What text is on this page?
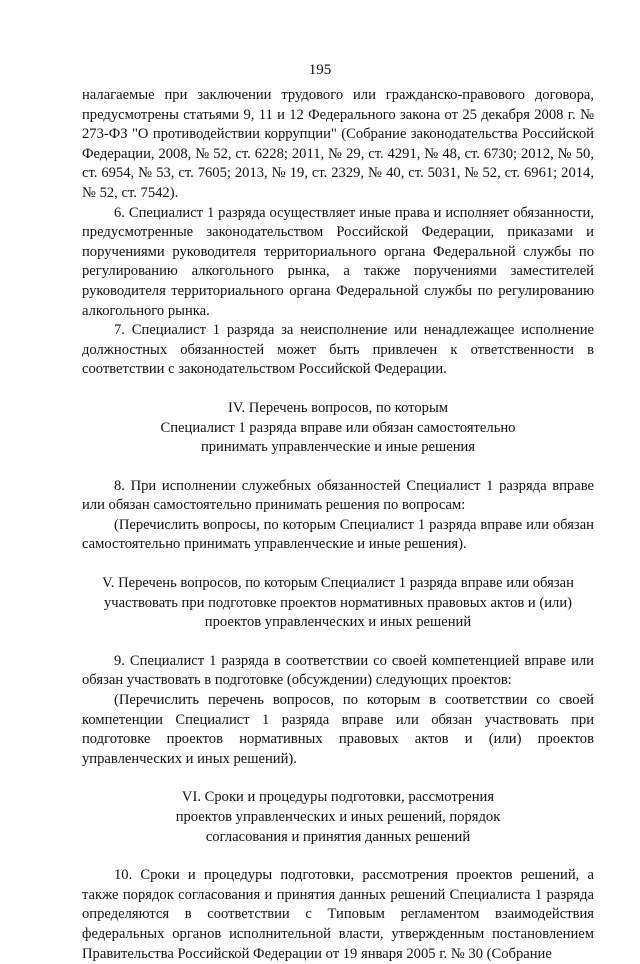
195

налагаемые при заключении трудового или гражданско-правового договора, предусмотрены статьями 9, 11 и 12 Федерального закона от 25 декабря 2008 г. № 273-ФЗ "О противодействии коррупции" (Собрание законодательства Российской Федерации, 2008, № 52, ст. 6228; 2011, № 29, ст. 4291, № 48, ст. 6730; 2012, № 50, ст. 6954, № 53, ст. 7605; 2013, № 19, ст. 2329, № 40, ст. 5031, № 52, ст. 6961; 2014, № 52, ст. 7542).

6. Специалист 1 разряда осуществляет иные права и исполняет обязанности, предусмотренные законодательством Российской Федерации, приказами и поручениями руководителя территориального органа Федеральной службы по регулированию алкогольного рынка, а также поручениями заместителей руководителя территориального органа Федеральной службы по регулированию алкогольного рынка.

7. Специалист 1 разряда за неисполнение или ненадлежащее исполнение должностных обязанностей может быть привлечен к ответственности в соответствии с законодательством Российской Федерации.

IV. Перечень вопросов, по которым
Специалист 1 разряда вправе или обязан самостоятельно
принимать управленческие и иные решения

8. При исполнении служебных обязанностей Специалист 1 разряда вправе или обязан самостоятельно принимать решения по вопросам:

(Перечислить вопросы, по которым Специалист 1 разряда вправе или обязан самостоятельно принимать управленческие и иные решения).

V. Перечень вопросов, по которым Специалист 1 разряда вправе или обязан
участвовать при подготовке проектов нормативных правовых актов и (или)
проектов управленческих и иных решений

9. Специалист 1 разряда в соответствии со своей компетенцией вправе или обязан участвовать в подготовке (обсуждении) следующих проектов:

(Перечислить перечень вопросов, по которым в соответствии со своей компетенции Специалист 1 разряда вправе или обязан участвовать при подготовке проектов нормативных правовых актов и (или) проектов управленческих и иных решений).

VI. Сроки и процедуры подготовки, рассмотрения
проектов управленческих и иных решений, порядок
согласования и принятия данных решений

10. Сроки и процедуры подготовки, рассмотрения проектов решений, а также порядок согласования и принятия данных решений Специалиста 1 разряда определяются в соответствии с Типовым регламентом взаимодействия федеральных органов исполнительной власти, утвержденным постановлением Правительства Российской Федерации от 19 января 2005 г. № 30 (Собрание
